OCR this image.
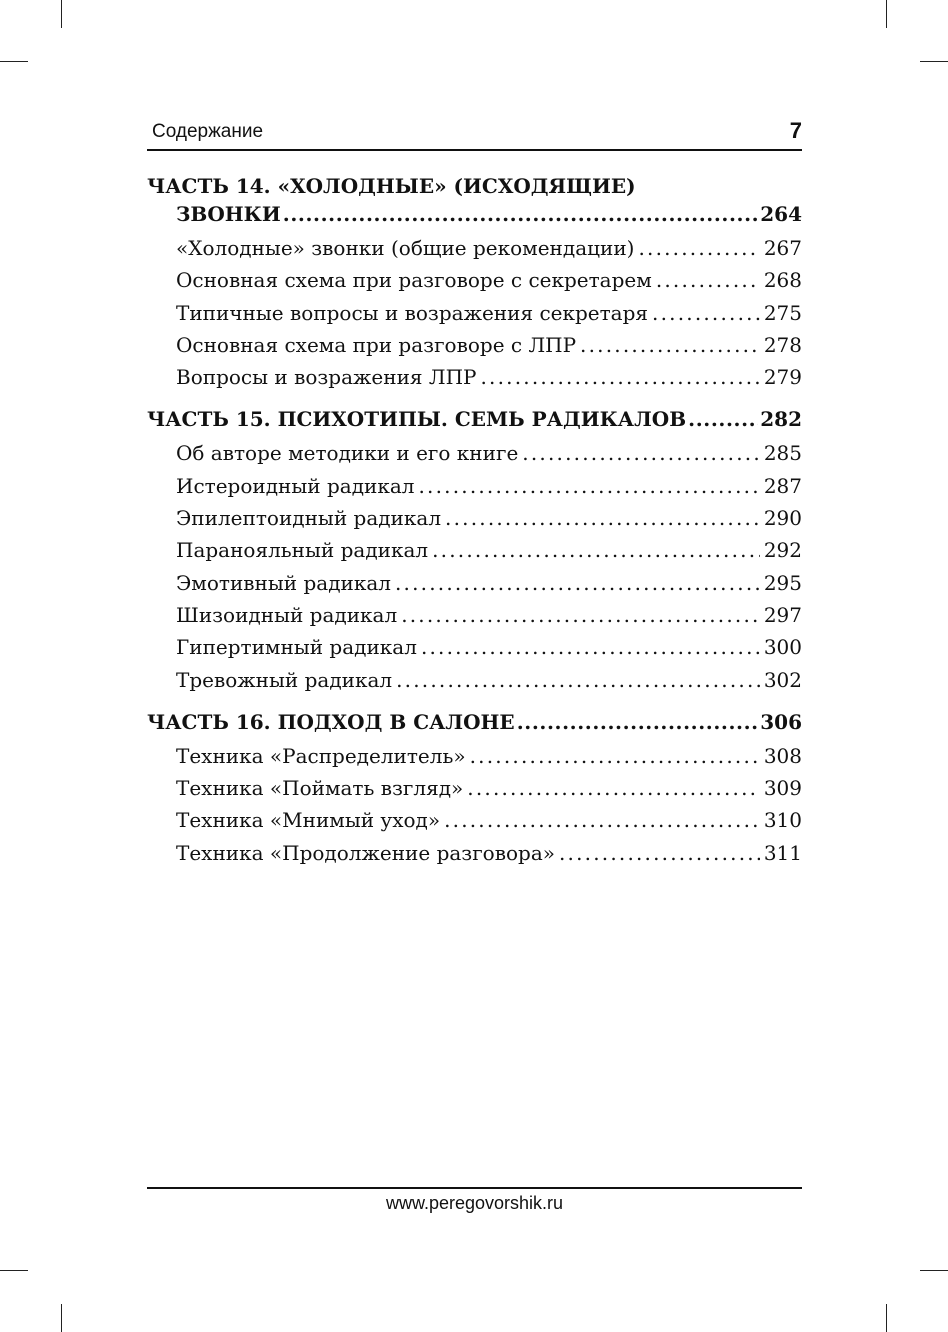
Содержание	7
ЧАСТЬ 14. «ХОЛОДНЫЕ» (ИСХОДЯЩИЕ)
ЗВОНКИ .....	264
«Холодные» звонки (общие рекомендации) .....	267
Основная схема при разговоре с секретарем .....	268
Типичные вопросы и возражения секретаря .....	275
Основная схема при разговоре с ЛПР .....	278
Вопросы и возражения ЛПР .....	279
ЧАСТЬ 15. ПСИХОТИПЫ. СЕМЬ РАДИКАЛОВ .....	282
Об авторе методики и его книге .....	285
Истероидный радикал .....	287
Эпилептоидный радикал .....	290
Паранояльный радикал .....	292
Эмотивный радикал .....	295
Шизоидный радикал .....	297
Гипертимный радикал .....	300
Тревожный радикал .....	302
ЧАСТЬ 16. ПОДХОД В САЛОНЕ .....	306
Техника «Распределитель» .....	308
Техника «Поймать взгляд» .....	309
Техника «Мнимый уход» .....	310
Техника «Продолжение разговора» .....	311
www.peregovorshik.ru
